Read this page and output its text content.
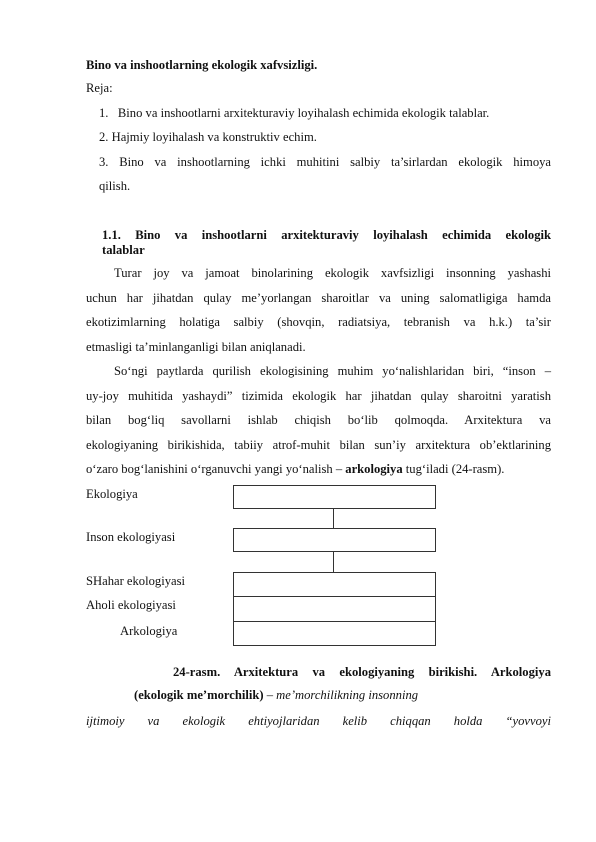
Bino va inshootlarning ekologik xafvsizligi.
Reja:
1.   Bino va inshootlarni arxitekturaviy loyihalash echimida ekologik talablar.
2. Hajmiy loyihalash va konstruktiv echim.
3. Bino va inshootlarning ichki muhitini salbiy ta’sirlardan ekologik himoya
qilish.
1.1. Bino va inshootlarni arxitekturaviy loyihalash echimida ekologik
talablar
Turar joy va jamoat binolarining ekologik xavfsizligi insonning yashashi
uchun har jihatdan qulay me’yorlangan sharoitlar va uning salomatligiga hamda
ekotizimlarning holatiga salbiy (shovqin, radiatsiya, tebranish va h.k.) ta’sir
etmasligi ta’minlanganligi bilan aniqlanadi.
So‘ngi paytlarda qurilish ekologisining muhim yo‘nalishlaridan biri, “inson –
uy-joy muhitida yashaydi” tizimida ekologik har jihatdan qulay sharoitni yaratish
bilan bog‘liq savollarni ishlab chiqish bo‘lib qolmoqda. Arxitektura va
ekologiyaning birikishida, tabiiy atrof-muhit bilan sun’iy arxitektura ob’ektlarining
o‘zaro bog‘lanishini o‘rganuvchi yangi yo‘nalish – arkologiya tug‘iladi (24-rasm).
Ekologiya
Inson ekologiyasi
SHahar ekologiyasi
Aholi ekologiyasi
Arkologiya
24-rasm. Arxitektura va ekologiyaning birikishi. Arkologiya
(ekologik me’morchilik) – me’morchilikning insonning
ijtimoiy va ekologik ehtiyojlaridan kelib chiqqan holda “yovvoyi
